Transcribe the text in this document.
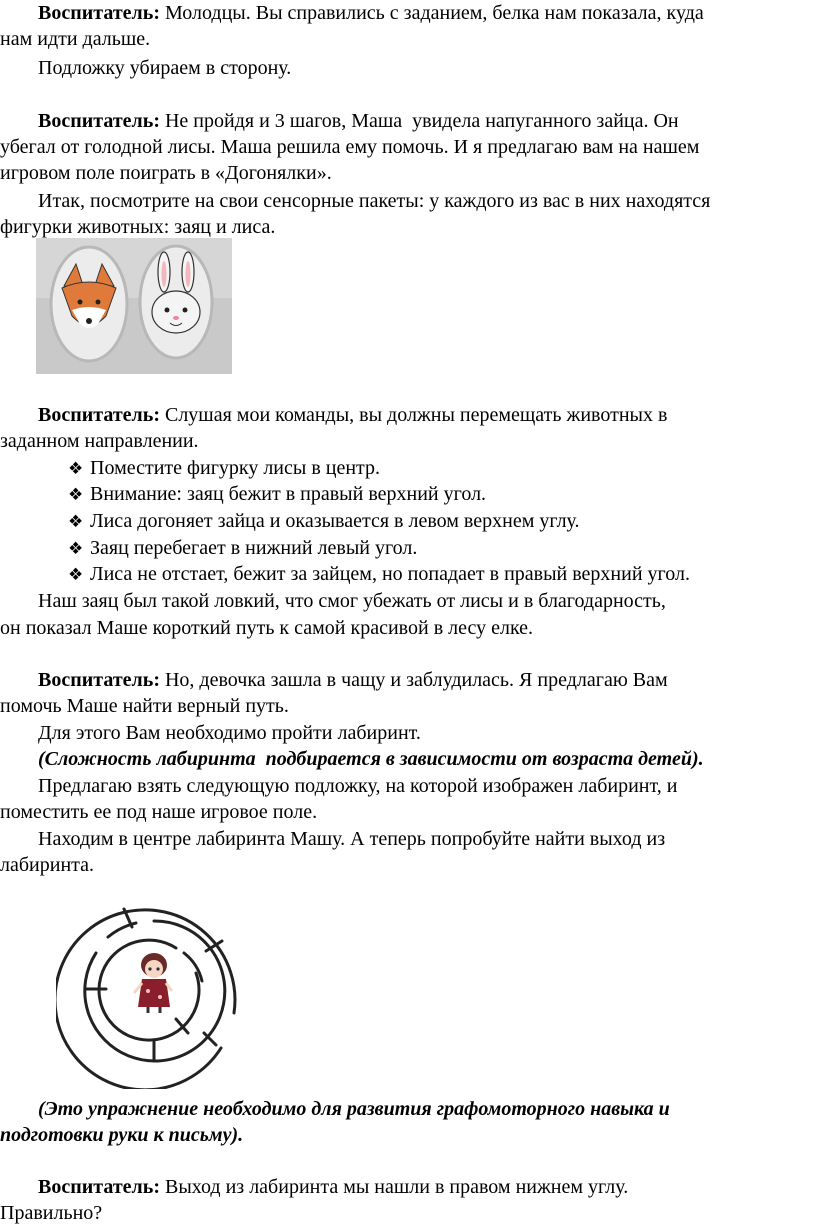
Воспитатель: Молодцы. Вы справились с заданием, белка нам показала, куда
нам идти дальше.
Подложку убираем в сторону.
Воспитатель: Не пройдя и 3 шагов, Маша  увидела напуганного зайца. Он
убегал от голодной лисы. Маша решила ему помочь. И я предлагаю вам на нашем
игровом поле поиграть в «Догонялки».
Итак, посмотрите на свои сенсорные пакеты: у каждого из вас в них находятся
фигурки животных: заяц и лиса.
Воспитатель: Слушая мои команды, вы должны перемещать животных в
заданном направлении.
❖ Поместите фигурку лисы в центр.
❖ Внимание: заяц бежит в правый верхний угол.
❖ Лиса догоняет зайца и оказывается в левом верхнем углу.
❖ Заяц перебегает в нижний левый угол.
❖ Лиса не отстает, бежит за зайцем, но попадает в правый верхний угол.
Наш заяц был такой ловкий, что смог убежать от лисы и в благодарность,
он показал Маше короткий путь к самой красивой в лесу елке.
Воспитатель: Но, девочка зашла в чащу и заблудилась. Я предлагаю Вам
помочь Маше найти верный путь.
Для этого Вам необходимо пройти лабиринт.
(Сложность лабиринта  подбирается в зависимости от возраста детей).
Предлагаю взять следующую подложку, на которой изображен лабиринт, и
поместить ее под наше игровое поле.
Находим в центре лабиринта Машу. А теперь попробуйте найти выход из
лабиринта.
(Это упражнение необходимо для развития графомоторного навыка и
подготовки руки к письму).
Воспитатель: Выход из лабиринта мы нашли в правом нижнем углу.
Правильно?
